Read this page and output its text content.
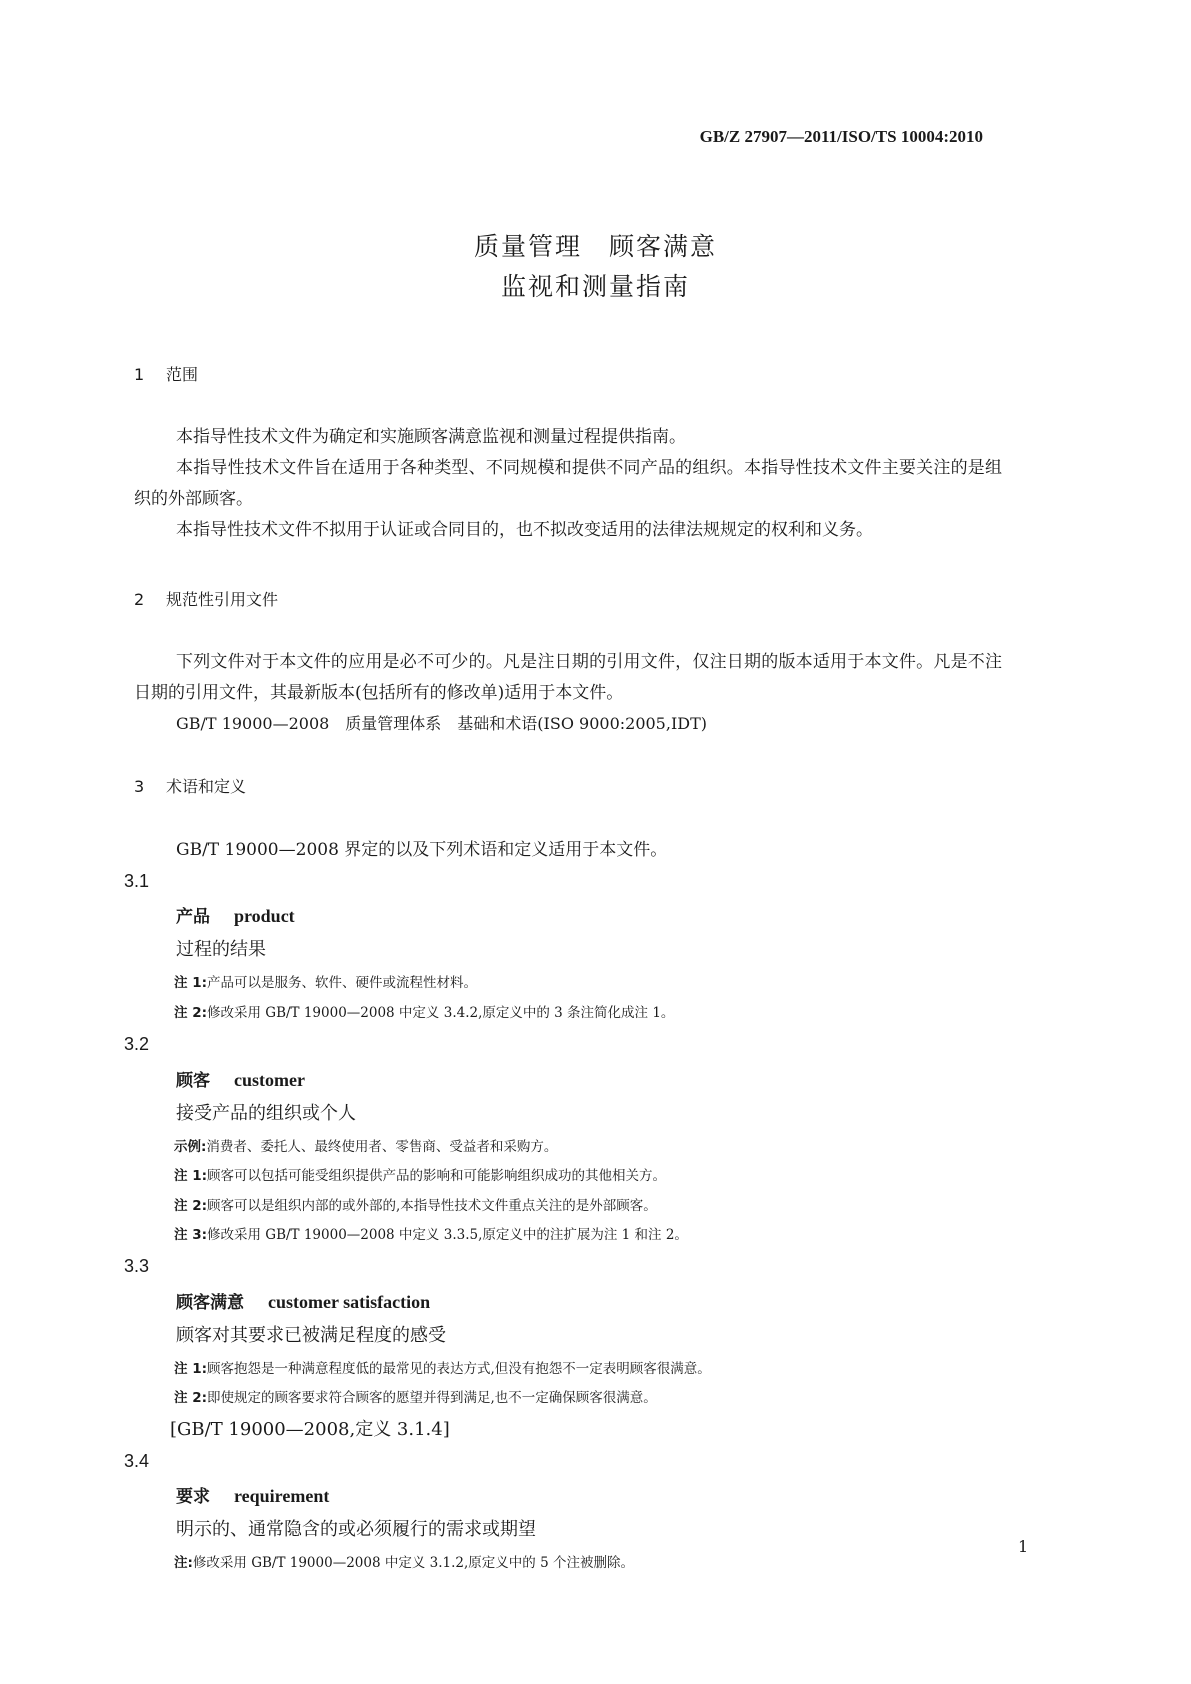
GB/Z 27907—2011/ISO/TS 10004:2010
质量管理　顾客满意
监视和测量指南
1 范围
本指导性技术文件为确定和实施顾客满意监视和测量过程提供指南。
本指导性技术文件旨在适用于各种类型、不同规模和提供不同产品的组织。本指导性技术文件主要关注的是组织的外部顾客。
本指导性技术文件不拟用于认证或合同目的，也不拟改变适用的法律法规规定的权利和义务。
2 规范性引用文件
下列文件对于本文件的应用是必不可少的。凡是注日期的引用文件，仅注日期的版本适用于本文件。凡是不注日期的引用文件，其最新版本(包括所有的修改单)适用于本文件。
GB/T 19000—2008　质量管理体系　基础和术语(ISO 9000:2005,IDT)
3 术语和定义
GB/T 19000—2008 界定的以及下列术语和定义适用于本文件。
3.1
产品 product
过程的结果
注 1:产品可以是服务、软件、硬件或流程性材料。
注 2:修改采用 GB/T 19000—2008 中定义 3.4.2,原定义中的 3 条注简化成注 1。
3.2
顾客 customer
接受产品的组织或个人
示例:消费者、委托人、最终使用者、零售商、受益者和采购方。
注 1:顾客可以包括可能受组织提供产品的影响和可能影响组织成功的其他相关方。
注 2:顾客可以是组织内部的或外部的,本指导性技术文件重点关注的是外部顾客。
注 3:修改采用 GB/T 19000—2008 中定义 3.3.5,原定义中的注扩展为注 1 和注 2。
3.3
顾客满意 customer satisfaction
顾客对其要求已被满足程度的感受
注 1:顾客抱怨是一种满意程度低的最常见的表达方式,但没有抱怨不一定表明顾客很满意。
注 2:即使规定的顾客要求符合顾客的愿望并得到满足,也不一定确保顾客很满意。
[GB/T 19000—2008,定义 3.1.4]
3.4
要求 requirement
明示的、通常隐含的或必须履行的需求或期望
注:修改采用 GB/T 19000—2008 中定义 3.1.2,原定义中的 5 个注被删除。
1
